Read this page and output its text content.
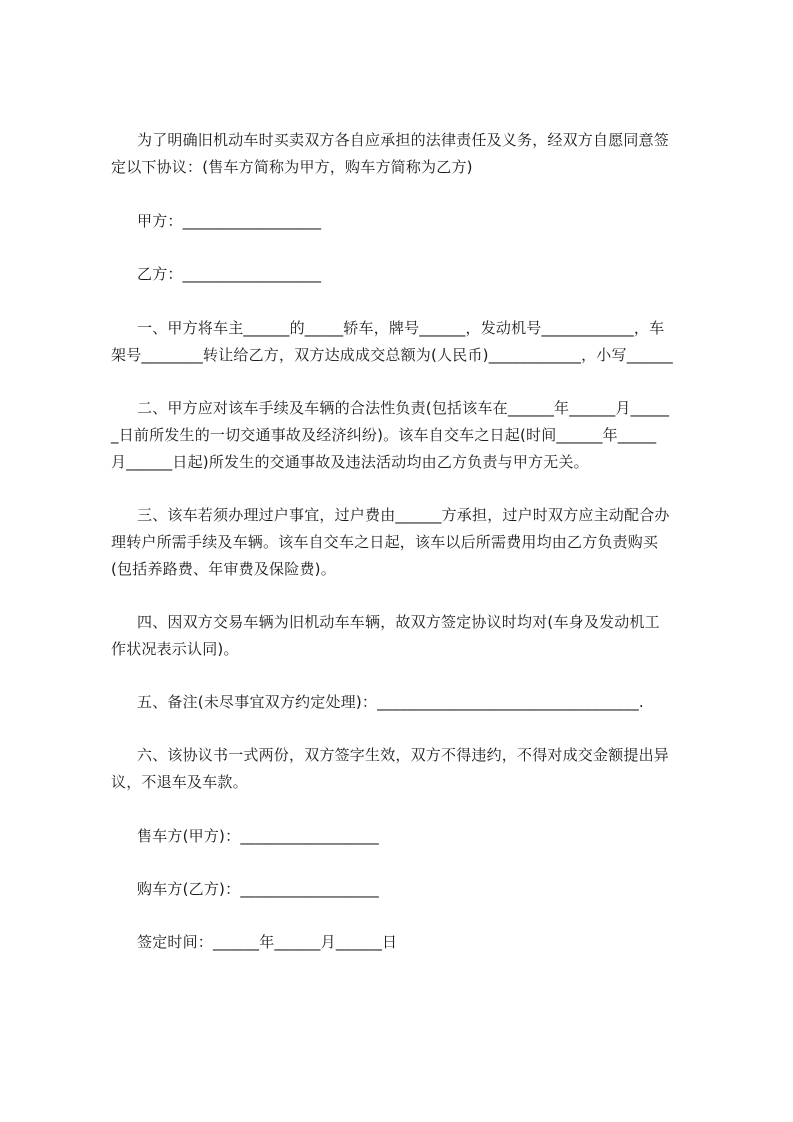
为了明确旧机动车时买卖双方各自应承担的法律责任及义务，经双方自愿同意签
定以下协议：(售车方简称为甲方，购车方简称为乙方)
甲方：__________________
乙方：__________________
一、甲方将车主______的_____轿车，牌号______，发动机号____________，车
架号________转让给乙方，双方达成成交总额为(人民币)____________，小写______
二、甲方应对该车手续及车辆的合法性负责(包括该车在______年______月_____
_日前所发生的一切交通事故及经济纠纷)。该车自交车之日起(时间______年_____
月______日起)所发生的交通事故及违法活动均由乙方负责与甲方无关。
三、该车若须办理过户事宜，过户费由______方承担，过户时双方应主动配合办
理转户所需手续及车辆。该车自交车之日起，该车以后所需费用均由乙方负责购买
(包括养路费、年审费及保险费)。
四、因双方交易车辆为旧机动车车辆，故双方签定协议时均对(车身及发动机工
作状况表示认同)。
五、备注(未尽事宜双方约定处理)：__________________________________.
六、该协议书一式两份，双方签字生效，双方不得违约，不得对成交金额提出异
议，不退车及车款。
售车方(甲方)：__________________
购车方(乙方)：__________________
签定时间：______年______月______日
